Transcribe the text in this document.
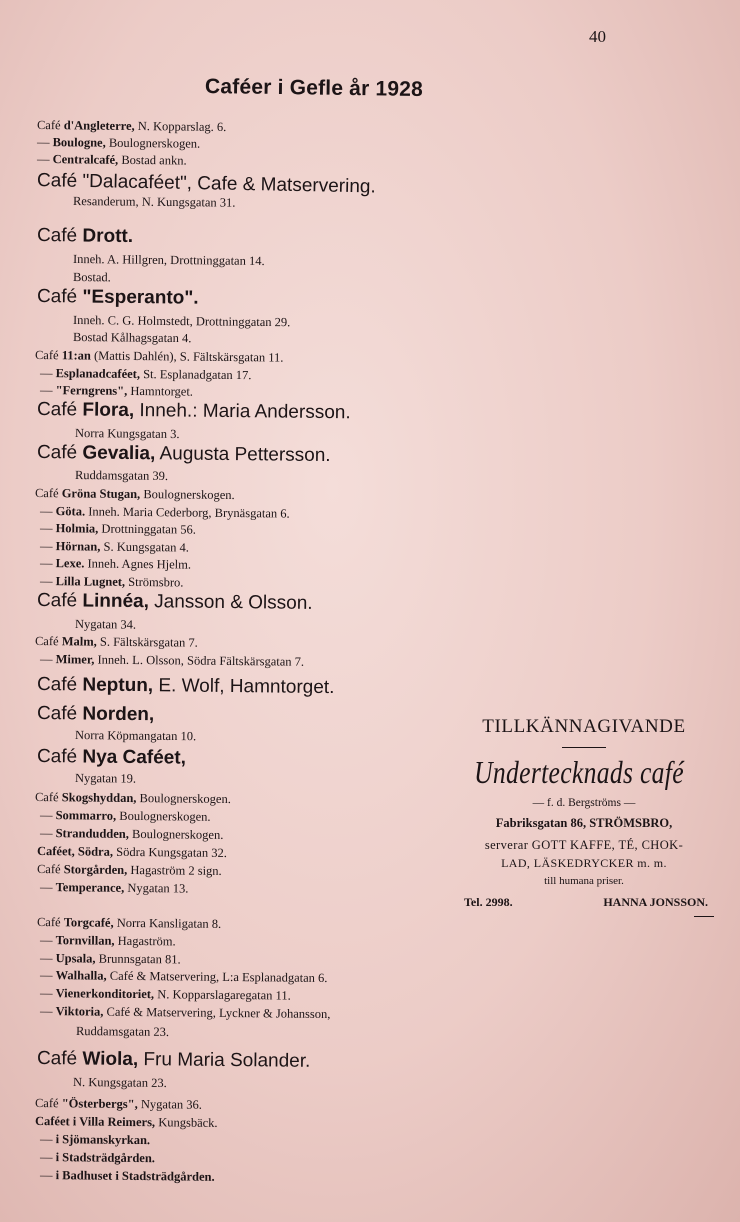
40
Caféer i Gefle år 1928
Café d'Angleterre, N. Kopparslag. 6.
— Boulogne, Boulognerskogen.
— Centralcafé, Bostad ankn.
Café "Dalacaféet", Cafe & Matservering.
Resanderum, N. Kungsgatan 31.
Café Drott.
Inneh. A. Hillgren, Drottninggatan 14.
Bostad.
Café "Esperanto".
Inneh. C. G. Holmstedt, Drottninggatan 29.
Bostad Kålhagsgatan 4.
Café 11:an (Mattis Dahlén), S. Fältskärsgatan 11.
— Esplanadcaféet, St. Esplanadgatan 17.
— "Ferngrens", Hamntorget.
Café Flora, Inneh.: Maria Andersson.
Norra Kungsgatan 3.
Café Gevalia, Augusta Pettersson.
Ruddamsgatan 39.
Café Gröna Stugan, Boulognerskogen.
— Göta. Inneh. Maria Cederborg, Brynäsgatan 6.
— Holmia, Drottninggatan 56.
— Hörnan, S. Kungsgatan 4.
— Lexe. Inneh. Agnes Hjelm.
— Lilla Lugnet, Strömsbro.
Café Linnéa, Jansson & Olsson.
Nygatan 34.
Café Malm, S. Fältskärsgatan 7.
— Mimer, Inneh. L. Olsson, Södra Fältskärsgatan 7.
Café Neptun, E. Wolf, Hamntorget.
Café Norden,
Norra Köpmangatan 10.
Café Nya Caféet,
Nygatan 19.
Café Skogshyddan, Boulognerskogen.
— Sommarro, Boulognerskogen.
— Strandudden, Boulognerskogen.
Caféet, Södra, Södra Kungsgatan 32.
Café Storgården, Hagaström 2 sign.
— Temperance, Nygatan 13.
Café Torgcafé, Norra Kansligatan 8.
— Tornvillan, Hagaström.
— Upsala, Brunnsgatan 81.
— Walhalla, Café & Matservering, L:a Esplanadgatan 6.
— Vienerkonditoriet, N. Kopparslagaregatan 11.
— Viktoria, Café & Matservering, Lyckner & Johansson,
Ruddamsgatan 23.
Café Wiola, Fru Maria Solander.
N. Kungsgatan 23.
Café "Österbergs", Nygatan 36.
Caféet i Villa Reimers, Kungsbäck.
— i Sjömanskyrkan.
— i Stadsträdgården.
— i Badhuset i Stadsträdgården.
TILLKÄNNAGIVANDE
Undertecknads café
— f. d. Bergströms —
Fabriksgatan 86, STRÖMSBRO,
serverar GOTT KAFFE, TÉ, CHOK-
LAD, LÄSKEDRYCKER m. m.
till humana priser.
Tel. 2998.	HANNA JONSSON.
